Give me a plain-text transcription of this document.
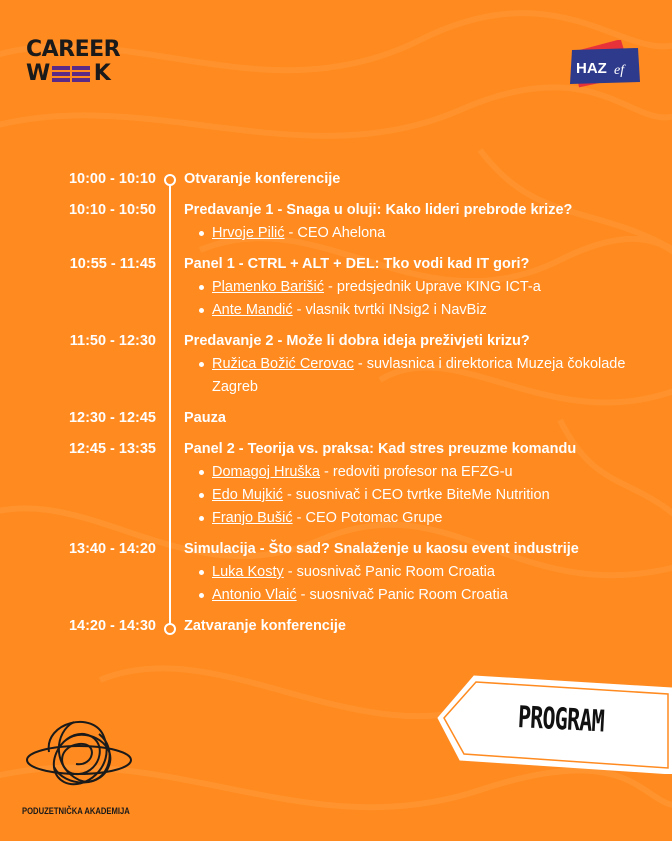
CAREER
W K	HAZ ef
10:00 - 10:10 Otvaranje konferencije
10:10 - 10:50 Predavanje 1 - Snaga u oluji: Kako lideri prebrode krize?
Hrvoje Pilić - CEO Ahelona
10:55 - 11:45 Panel 1 - CTRL + ALT + DEL: Tko vodi kad IT gori?
Plamenko Barišić - predsjednik Uprave KING ICT-a
Ante Mandić - vlasnik tvrtki INsig2 i NavBiz
11:50 - 12:30 Predavanje 2 - Može li dobra ideja preživjeti krizu?
Ružica Božić Cerovac - suvlasnica i direktorica Muzeja čokolade Zagreb
12:30 - 12:45 Pauza
12:45 - 13:35 Panel 2 - Teorija vs. praksa: Kad stres preuzme komandu
Domagoj Hruška - redoviti profesor na EFZG-u
Edo Mujkić - suosnivač i CEO tvrtke BiteMe Nutrition
Franjo Bušić - CEO Potomac Grupe
13:40 - 14:20 Simulacija - Što sad? Snalaženje u kaosu event industrije
Luka Kosty - suosnivač Panic Room Croatia
Antonio Vlaić - suosnivač Panic Room Croatia
14:20 - 14:30 Zatvaranje konferencije
PROGRAM
PODUZETNIČKA AKADEMIJA
